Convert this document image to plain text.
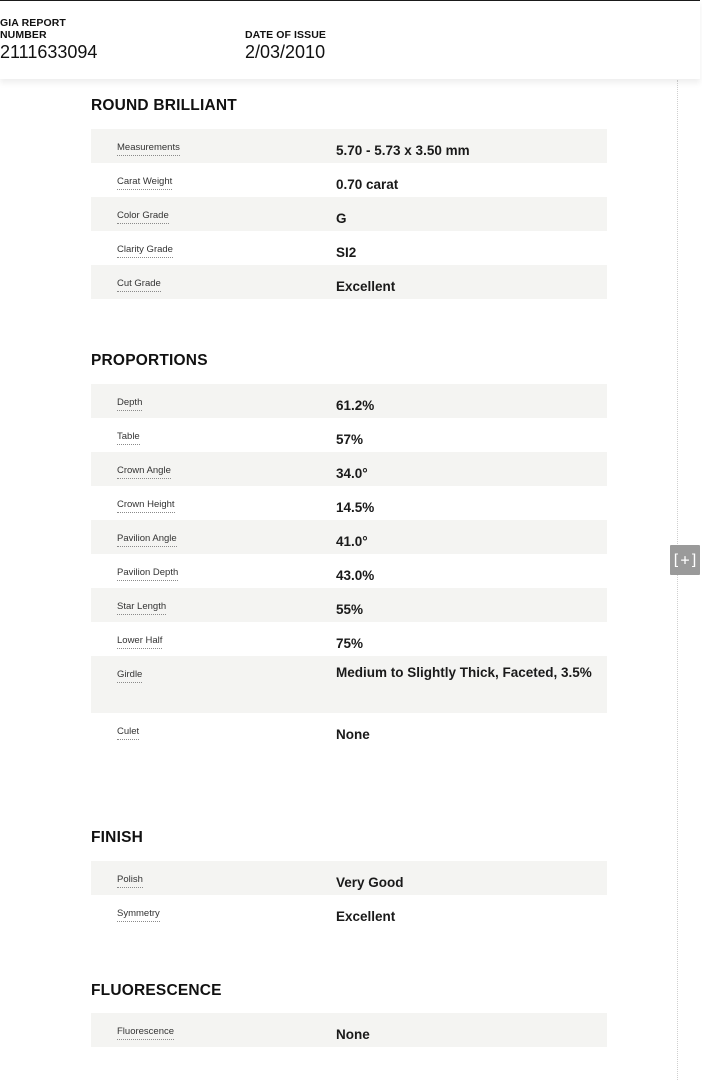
GIA REPORT
NUMBER
2111633094
DATE OF ISSUE
2/03/2010
[+]
ROUND BRILLIANT
Measurements	5.70 - 5.73 x 3.50 mm
Carat Weight	0.70 carat
Color Grade	G
Clarity Grade	SI2
Cut Grade	Excellent
PROPORTIONS
Depth	61.2%
Table	57%
Crown Angle	34.0°
Crown Height	14.5%
Pavilion Angle	41.0°
Pavilion Depth	43.0%
Star Length	55%
Lower Half	75%
Girdle	Medium to Slightly Thick, Faceted, 3.5%
Culet	None
FINISH
Polish	Very Good
Symmetry	Excellent
FLUORESCENCE
Fluorescence	None
